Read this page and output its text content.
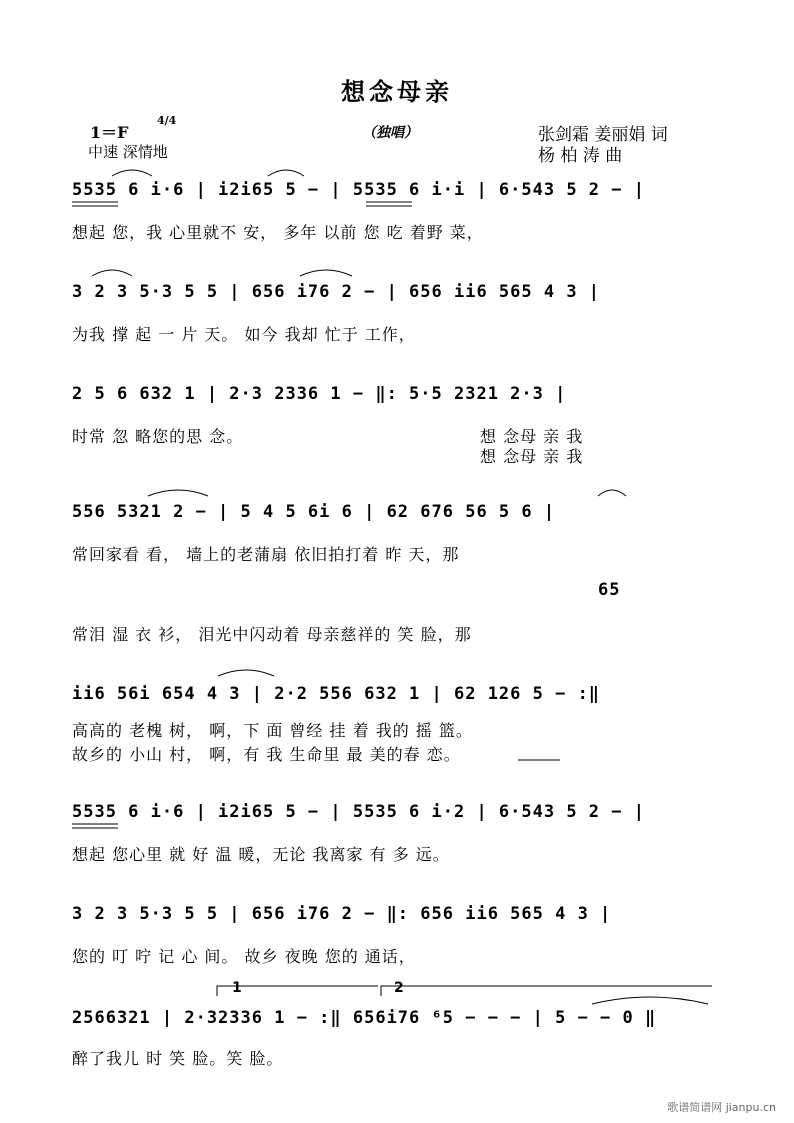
想念母亲
1＝F
4/4
中速 深情地
（独唱）	张剑霜 姜丽娟 词
杨 柏 涛 曲
5535 6 i·6 | i2i65 5 − | 5535 6 i·i | 6·543 5 2 − |
想起 您，我 心里就不 安， 多年 以前 您 吃 着野 菜，
3 2 3 5·3 5 5 | 656 i76 2 − | 656 ii6 565 4 3 |
为我 撑 起 一 片 天。 如今 我却 忙于 工作，
2 5 6 632 1 | 2·3 2336 1 − ‖: 5·5 2321 2·3 |
时常 忽 略您的思 念。	想 念母 亲 我
想 念母 亲 我
556 5321 2 − | 5 4 5 6i 6 | 62 676 56 5 6 |
常回家看 看， 墙上的老蒲扇 依旧拍打着 昨 天，那
65
常泪 湿 衣 衫， 泪光中闪动着 母亲慈祥的 笑 脸，那
ii6 56i 654 4 3 | 2·2 556 632 1 | 62 126 5 − :‖
高高的 老槐 树， 啊，下 面 曾经 挂 着 我的 摇 篮。
故乡的 小山 村， 啊，有 我 生命里 最 美的春 恋。
5535 6 i·6 | i2i65 5 − | 5535 6 i·2 | 6·543 5 2 − |
想起 您心里 就 好 温 暖，无论 我离家 有 多 远。
3 2 3 5·3 5 5 | 656 i76 2 − ‖: 656 ii6 565 4 3 |
您的 叮 咛 记 心 间。 故乡 夜晚 您的 通话，
1	2
2566321 | 2·32336 1 − :‖ 656i76 ⁶5 − − − | 5 − − 0 ‖
醉了我儿 时 笑 脸。笑 脸。
歌谱简谱网 jianpu.cn
